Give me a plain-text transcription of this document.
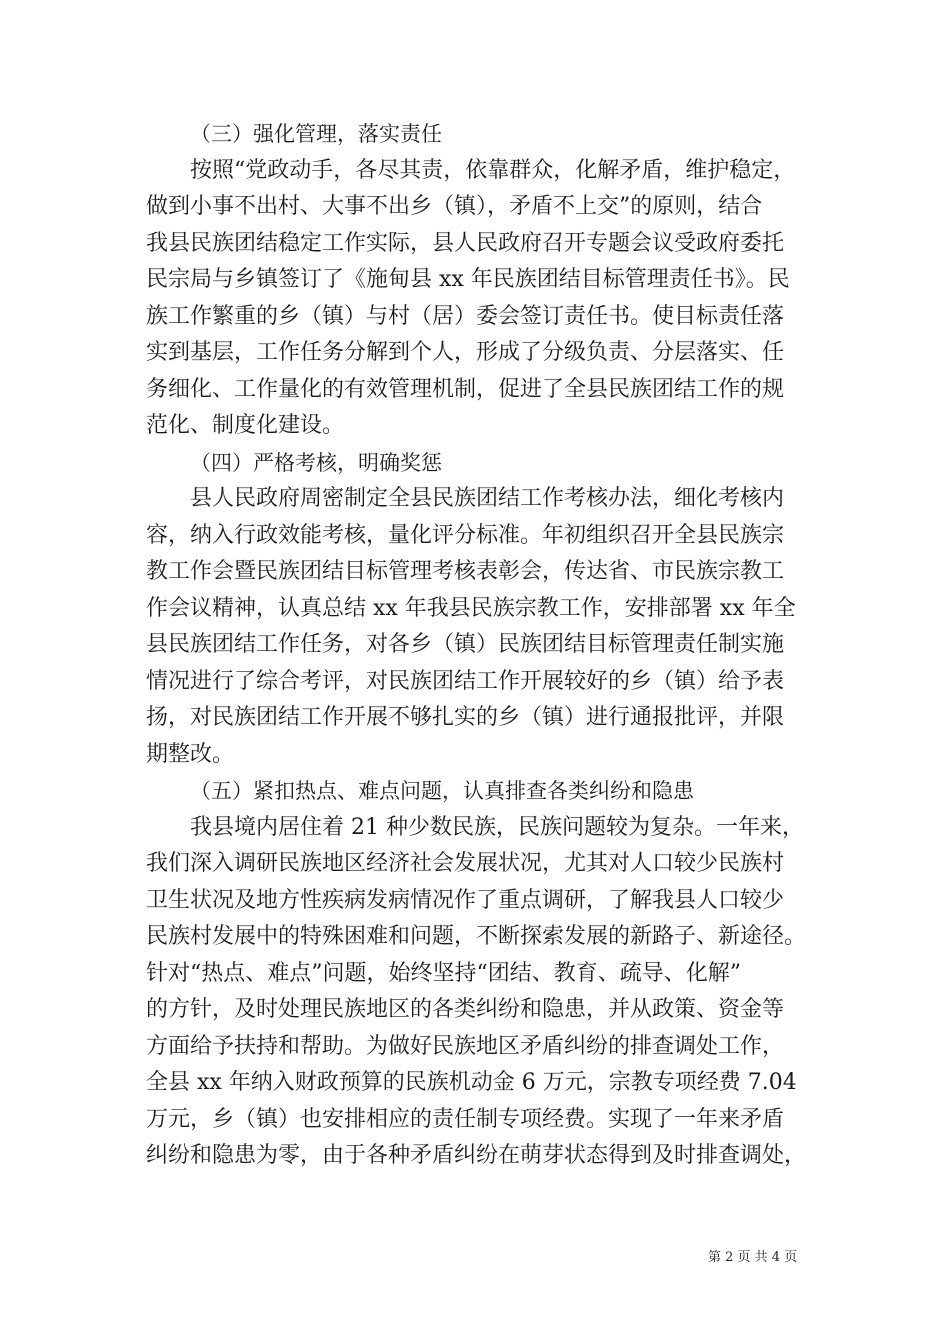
（三）强化管理，落实责任
按照“党政动手，各尽其责，依靠群众，化解矛盾，维护稳定，
做到小事不出村、大事不出乡（镇），矛盾不上交”的原则，结合
我县民族团结稳定工作实际，县人民政府召开专题会议受政府委托
民宗局与乡镇签订了《施甸县 xx 年民族团结目标管理责任书》。民
族工作繁重的乡（镇）与村（居）委会签订责任书。使目标责任落
实到基层，工作任务分解到个人，形成了分级负责、分层落实、任
务细化、工作量化的有效管理机制，促进了全县民族团结工作的规
范化、制度化建设。
（四）严格考核，明确奖惩
县人民政府周密制定全县民族团结工作考核办法，细化考核内
容，纳入行政效能考核，量化评分标准。年初组织召开全县民族宗
教工作会暨民族团结目标管理考核表彰会，传达省、市民族宗教工
作会议精神，认真总结 xx 年我县民族宗教工作，安排部署 xx 年全
县民族团结工作任务，对各乡（镇）民族团结目标管理责任制实施
情况进行了综合考评，对民族团结工作开展较好的乡（镇）给予表
扬，对民族团结工作开展不够扎实的乡（镇）进行通报批评，并限
期整改。
（五）紧扣热点、难点问题，认真排查各类纠纷和隐患
我县境内居住着 21 种少数民族，民族问题较为复杂。一年来，
我们深入调研民族地区经济社会发展状况，尤其对人口较少民族村
卫生状况及地方性疾病发病情况作了重点调研，了解我县人口较少
民族村发展中的特殊困难和问题，不断探索发展的新路子、新途径。
针对“热点、难点”问题，始终坚持“团结、教育、疏导、化解”
的方针，及时处理民族地区的各类纠纷和隐患，并从政策、资金等
方面给予扶持和帮助。为做好民族地区矛盾纠纷的排查调处工作，
全县 xx 年纳入财政预算的民族机动金 6 万元，宗教专项经费 7.04
万元，乡（镇）也安排相应的责任制专项经费。实现了一年来矛盾
纠纷和隐患为零，由于各种矛盾纠纷在萌芽状态得到及时排查调处，
第 2 页 共 4 页
